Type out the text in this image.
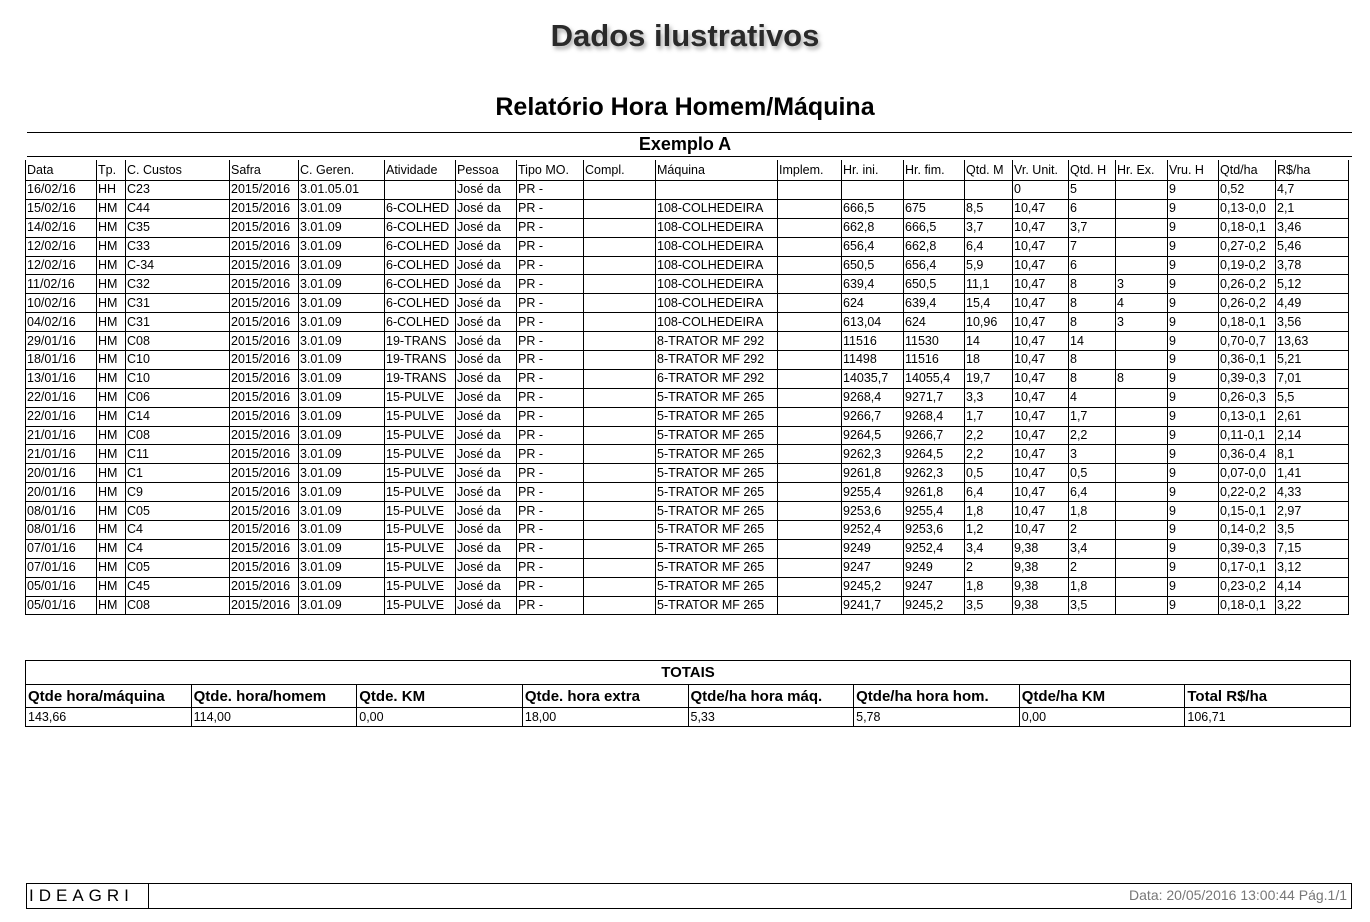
Dados ilustrativos
Relatório Hora Homem/Máquina
Exemplo A
Data	Tp.	C. Custos	Safra	C. Geren.	Atividade	Pessoa	Tipo MO.	Compl.	Máquina	Implem.	Hr. ini.	Hr. fim.	Qtd. M	Vr. Unit.	Qtd. H	Hr. Ex.	Vru. H	Qtd/ha	R$/ha
16/02/16	HH	C23	2015/2016	3.01.05.01		José da	PR -							0	5		9	0,52	4,7
15/02/16	HM	C44	2015/2016	3.01.09	6-COLHED	José da	PR -		108-COLHEDEIRA		666,5	675	8,5	10,47	6		9	0,13-0,0	2,1
14/02/16	HM	C35	2015/2016	3.01.09	6-COLHED	José da	PR -		108-COLHEDEIRA		662,8	666,5	3,7	10,47	3,7		9	0,18-0,1	3,46
12/02/16	HM	C33	2015/2016	3.01.09	6-COLHED	José da	PR -		108-COLHEDEIRA		656,4	662,8	6,4	10,47	7		9	0,27-0,2	5,46
12/02/16	HM	C-34	2015/2016	3.01.09	6-COLHED	José da	PR -		108-COLHEDEIRA		650,5	656,4	5,9	10,47	6		9	0,19-0,2	3,78
11/02/16	HM	C32	2015/2016	3.01.09	6-COLHED	José da	PR -		108-COLHEDEIRA		639,4	650,5	11,1	10,47	8	3	9	0,26-0,2	5,12
10/02/16	HM	C31	2015/2016	3.01.09	6-COLHED	José da	PR -		108-COLHEDEIRA		624	639,4	15,4	10,47	8	4	9	0,26-0,2	4,49
04/02/16	HM	C31	2015/2016	3.01.09	6-COLHED	José da	PR -		108-COLHEDEIRA		613,04	624	10,96	10,47	8	3	9	0,18-0,1	3,56
29/01/16	HM	C08	2015/2016	3.01.09	19-TRANS	José da	PR -		8-TRATOR MF 292		11516	11530	14	10,47	14		9	0,70-0,7	13,63
18/01/16	HM	C10	2015/2016	3.01.09	19-TRANS	José da	PR -		8-TRATOR MF 292		11498	11516	18	10,47	8		9	0,36-0,1	5,21
13/01/16	HM	C10	2015/2016	3.01.09	19-TRANS	José da	PR -		6-TRATOR MF 292		14035,7	14055,4	19,7	10,47	8	8	9	0,39-0,3	7,01
22/01/16	HM	C06	2015/2016	3.01.09	15-PULVE	José da	PR -		5-TRATOR MF 265		9268,4	9271,7	3,3	10,47	4		9	0,26-0,3	5,5
22/01/16	HM	C14	2015/2016	3.01.09	15-PULVE	José da	PR -		5-TRATOR MF 265		9266,7	9268,4	1,7	10,47	1,7		9	0,13-0,1	2,61
21/01/16	HM	C08	2015/2016	3.01.09	15-PULVE	José da	PR -		5-TRATOR MF 265		9264,5	9266,7	2,2	10,47	2,2		9	0,11-0,1	2,14
21/01/16	HM	C11	2015/2016	3.01.09	15-PULVE	José da	PR -		5-TRATOR MF 265		9262,3	9264,5	2,2	10,47	3		9	0,36-0,4	8,1
20/01/16	HM	C1	2015/2016	3.01.09	15-PULVE	José da	PR -		5-TRATOR MF 265		9261,8	9262,3	0,5	10,47	0,5		9	0,07-0,0	1,41
20/01/16	HM	C9	2015/2016	3.01.09	15-PULVE	José da	PR -		5-TRATOR MF 265		9255,4	9261,8	6,4	10,47	6,4		9	0,22-0,2	4,33
08/01/16	HM	C05	2015/2016	3.01.09	15-PULVE	José da	PR -		5-TRATOR MF 265		9253,6	9255,4	1,8	10,47	1,8		9	0,15-0,1	2,97
08/01/16	HM	C4	2015/2016	3.01.09	15-PULVE	José da	PR -		5-TRATOR MF 265		9252,4	9253,6	1,2	10,47	2		9	0,14-0,2	3,5
07/01/16	HM	C4	2015/2016	3.01.09	15-PULVE	José da	PR -		5-TRATOR MF 265		9249	9252,4	3,4	9,38	3,4		9	0,39-0,3	7,15
07/01/16	HM	C05	2015/2016	3.01.09	15-PULVE	José da	PR -		5-TRATOR MF 265		9247	9249	2	9,38	2		9	0,17-0,1	3,12
05/01/16	HM	C45	2015/2016	3.01.09	15-PULVE	José da	PR -		5-TRATOR MF 265		9245,2	9247	1,8	9,38	1,8		9	0,23-0,2	4,14
05/01/16	HM	C08	2015/2016	3.01.09	15-PULVE	José da	PR -		5-TRATOR MF 265		9241,7	9245,2	3,5	9,38	3,5		9	0,18-0,1	3,22
TOTAIS							
Qtde hora/máquina	Qtde. hora/homem	Qtde. KM	Qtde. hora extra	Qtde/ha hora máq.	Qtde/ha hora hom.	Qtde/ha KM	Total R$/ha
143,66	114,00	0,00	18,00	5,33	5,78	0,00	106,71
IDEAGRI	Data: 20/05/2016 13:00:44 Pág.1/1
